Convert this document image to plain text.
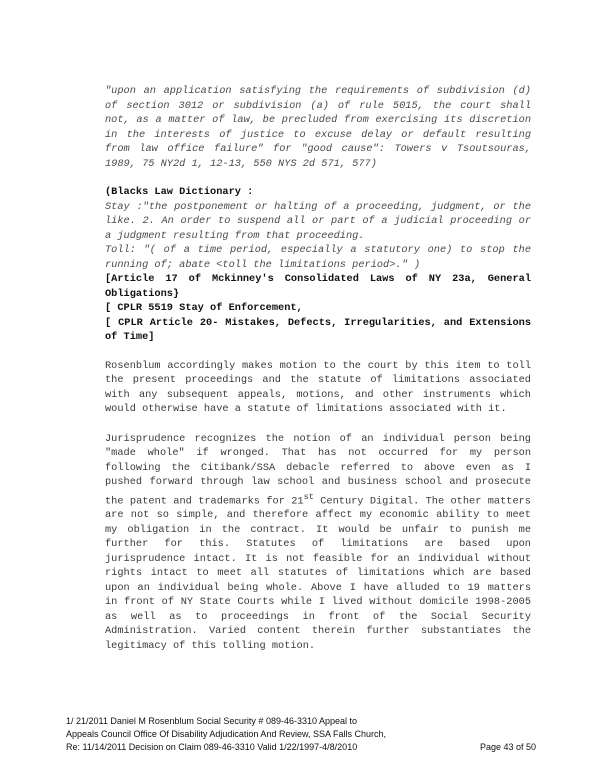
"upon an application satisfying the requirements of subdivision (d) of section 3012 or subdivision (a) of rule 5015, the court shall not, as a matter of law, be precluded from exercising its discretion in the interests of justice to excuse delay or default resulting from law office failure" for "good cause": Towers v Tsoutsouras, 1989, 75 NY2d 1, 12-13, 550 NYS 2d 571, 577)

(Blacks Law Dictionary :

Stay :"the postponement or halting of a proceeding, judgment, or the like. 2. An order to suspend all or part of a judicial proceeding or a judgment resulting from that proceeding.

Toll: "( of a time period, especially a statutory one) to stop the running of; abate <toll the limitations period>." )

[Article 17 of Mckinney's Consolidated Laws of NY 23a, General Obligations}

[ CPLR 5519 Stay of Enforcement,

[ CPLR Article 20- Mistakes, Defects, Irregularities, and Extensions of Time]

Rosenblum accordingly makes motion to the court by this item to toll the present proceedings and the statute of limitations associated with any subsequent appeals, motions, and other instruments which would otherwise have a statute of limitations associated with it.

Jurisprudence recognizes the notion of an individual person being "made whole" if wronged. That has not occurred for my person following the Citibank/SSA debacle referred to above even as I pushed forward through law school and business school and prosecute the patent and trademarks for 21st Century Digital. The other matters are not so simple, and therefore affect my economic ability to meet my obligation in the contract. It would be unfair to punish me further for this. Statutes of limitations are based upon jurisprudence intact. It is not feasible for an individual without rights intact to meet all statutes of limitations which are based upon an individual being whole. Above I have alluded to 19 matters in front of NY State Courts while I lived without domicile 1998-2005 as well as to proceedings in front of the Social Security Administration. Varied content therein further substantiates the legitimacy of this tolling motion.

1/ 21/2011 Daniel M Rosenblum Social Security # 089-46-3310 Appeal to
Appeals Council Office Of Disability Adjudication And Review, SSA Falls Church,
Re: 11/14/2011 Decision on Claim 089-46-3310 Valid 1/22/1997-4/8/2010	Page 43 of 50
